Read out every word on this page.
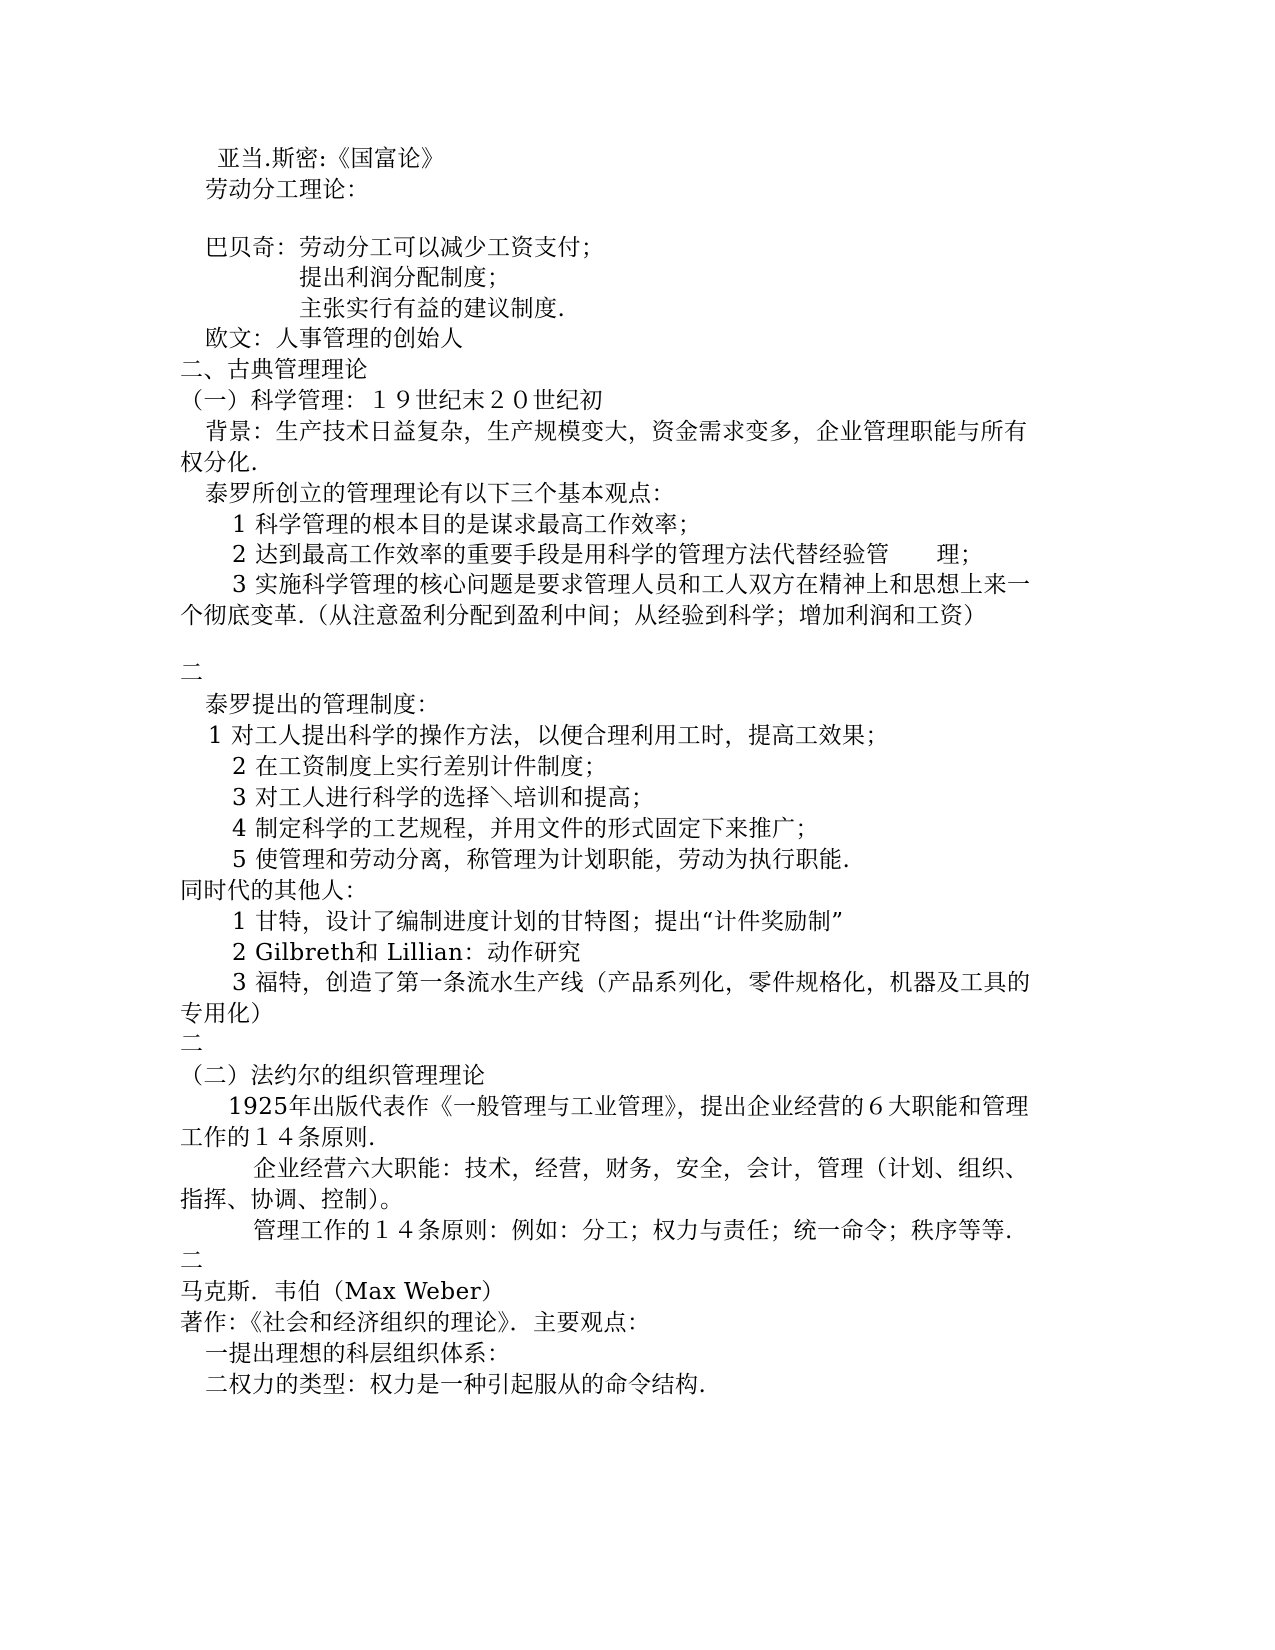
亚当.斯密:《国富论》
劳动分工理论：
巴贝奇：劳动分工可以减少工资支付；
提出利润分配制度；
主张实行有益的建议制度.
欧文：人事管理的创始人
二、古典管理理论
（一）科学管理：１９世纪末２０世纪初
背景：生产技术日益复杂，生产规模变大，资金需求变多，企业管理职能与所有
权分化.
泰罗所创立的管理理论有以下三个基本观点：
1 科学管理的根本目的是谋求最高工作效率；
2 达到最高工作效率的重要手段是用科学的管理方法代替经验管　　理；
3 实施科学管理的核心问题是要求管理人员和工人双方在精神上和思想上来一
个彻底变革.（从注意盈利分配到盈利中间；从经验到科学；增加利润和工资）
二
泰罗提出的管理制度：
1 对工人提出科学的操作方法，以便合理利用工时，提高工效果；
2 在工资制度上实行差别计件制度；
3 对工人进行科学的选择＼培训和提高；
4 制定科学的工艺规程，并用文件的形式固定下来推广；
5 使管理和劳动分离，称管理为计划职能，劳动为执行职能.
同时代的其他人：
1 甘特，设计了编制进度计划的甘特图；提出“计件奖励制”
2 Gilbreth和 Lillian：动作研究
3 福特，创造了第一条流水生产线（产品系列化，零件规格化，机器及工具的
专用化）
二
（二）法约尔的组织管理理论
1925年出版代表作《一般管理与工业管理》，提出企业经营的６大职能和管理
工作的１４条原则.
企业经营六大职能：技术，经营，财务，安全，会计，管理（计划、组织、
指挥、协调、控制）。
管理工作的１４条原则：例如：分工；权力与责任；统一命令；秩序等等.
二
马克斯．韦伯（Max Weber）
著作：《社会和经济组织的理论》．主要观点：
一提出理想的科层组织体系：
二权力的类型：权力是一种引起服从的命令结构.
